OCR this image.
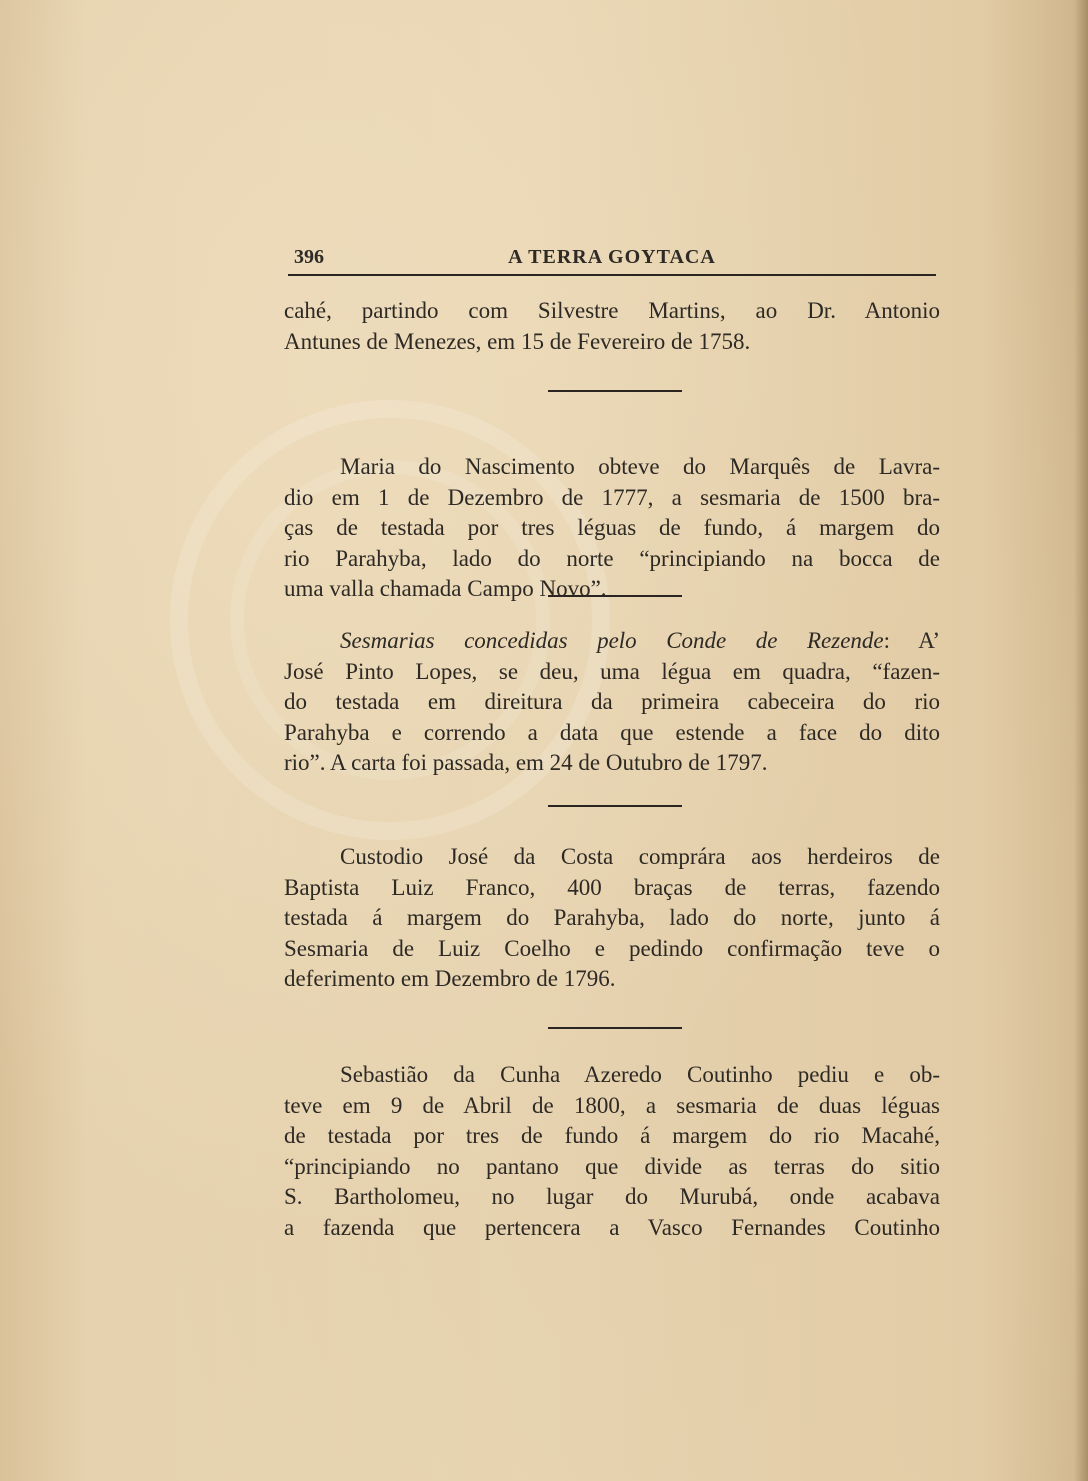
396	A TERRA GOYTACA
cahé, partindo com Silvestre Martins, ao Dr. Antonio
Antunes de Menezes, em 15 de Fevereiro de 1758.
Maria do Nascimento obteve do Marquês de Lavra-
dio em 1 de Dezembro de 1777, a sesmaria de 1500 bra-
ças de testada por tres léguas de fundo, á margem do
rio Parahyba, lado do norte “principiando na bocca de
uma valla chamada Campo Novo”.
Sesmarias concedidas pelo Conde de Rezende: A’
José Pinto Lopes, se deu, uma légua em quadra, “fazen-
do testada em direitura da primeira cabeceira do rio
Parahyba e correndo a data que estende a face do dito
rio”. A carta foi passada, em 24 de Outubro de 1797.
Custodio José da Costa comprára aos herdeiros de
Baptista Luiz Franco, 400 braças de terras, fazendo
testada á margem do Parahyba, lado do norte, junto á
Sesmaria de Luiz Coelho e pedindo confirmação teve o
deferimento em Dezembro de 1796.
Sebastião da Cunha Azeredo Coutinho pediu e ob-
teve em 9 de Abril de 1800, a sesmaria de duas léguas
de testada por tres de fundo á margem do rio Macahé,
“principiando no pantano que divide as terras do sitio
S. Bartholomeu, no lugar do Murubá, onde acabava
a fazenda que pertencera a Vasco Fernandes Coutinho
